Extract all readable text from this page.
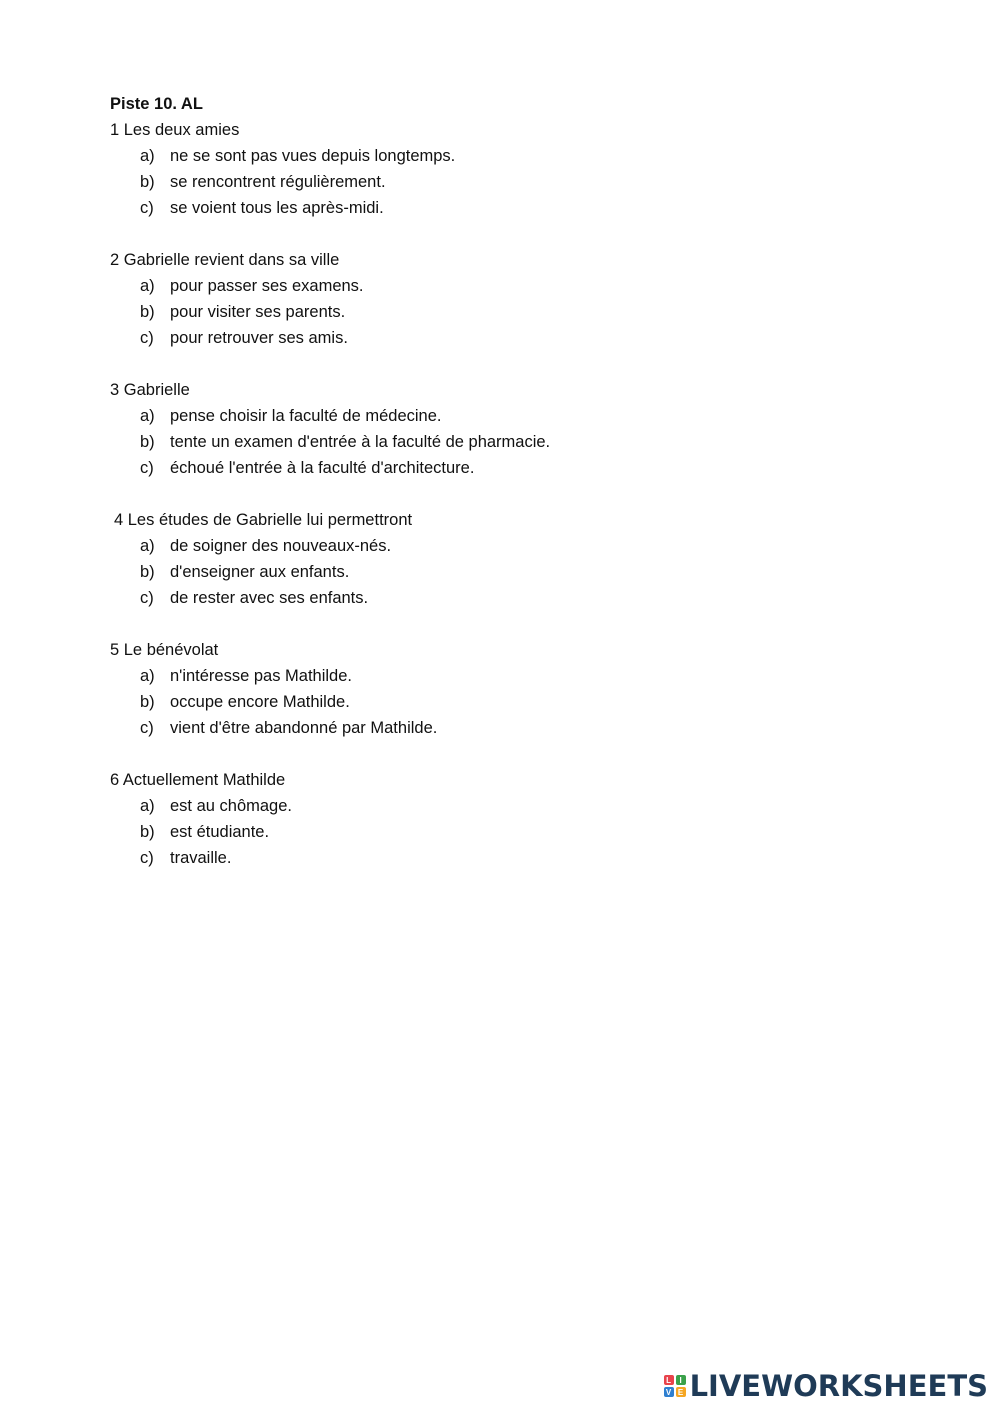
Piste 10. AL

1 Les deux amies

a) ne se sont pas vues depuis longtemps.
b) se rencontrent régulièrement.
c) se voient tous les après-midi.

2 Gabrielle revient dans sa ville

a) pour passer ses examens.
b) pour visiter ses parents.
c) pour retrouver ses amis.

3 Gabrielle

a) pense choisir la faculté de médecine.
b) tente un examen d'entrée à la faculté de pharmacie.
c) échoué l'entrée à la faculté d'architecture.

4 Les études de Gabrielle lui permettront

a) de soigner des nouveaux-nés.
b) d'enseigner aux enfants.
c) de rester avec ses enfants.

5 Le bénévolat

a) n'intéresse pas Mathilde.
b) occupe encore Mathilde.
c) vient d'être abandonné par Mathilde.

6 Actuellement Mathilde

a) est au chômage.
b) est étudiante.
c) travaille.
L	I
V E LIVEWORKSHEETS
